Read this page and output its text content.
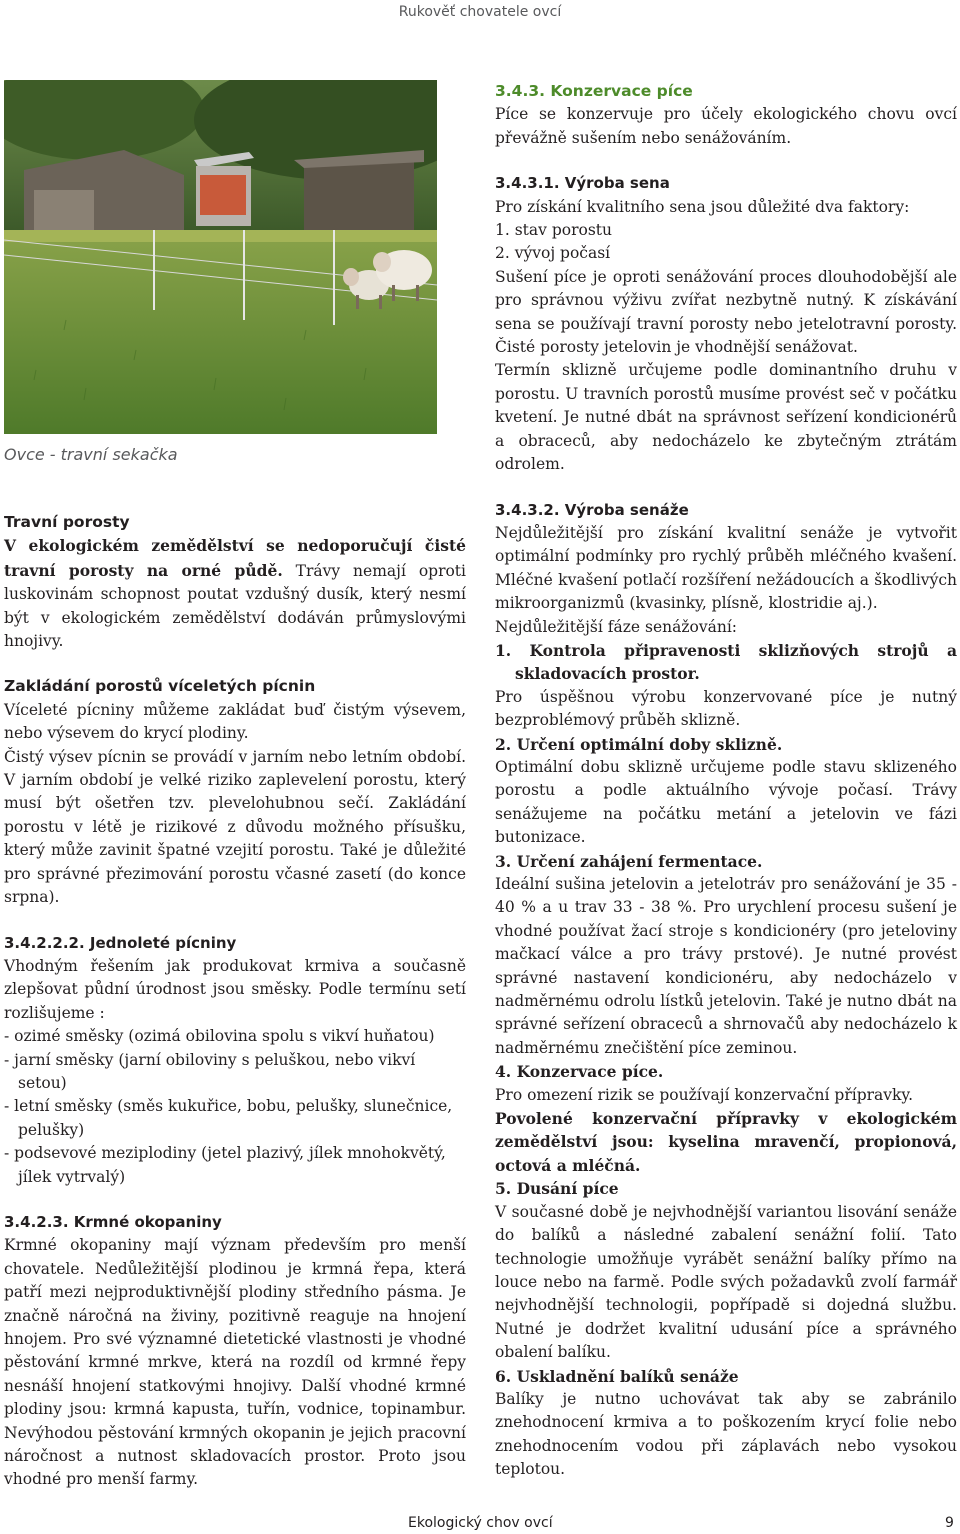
Rukověť chovatele ovcí
Ovce - travní sekačka

Travní porosty

V ekologickém zemědělství se nedoporučují čisté travní porosty na orné půdě. Trávy nemají oproti luskovinám schopnost poutat vzdušný dusík, který nesmí být v ekologickém zemědělství dodáván průmyslovými hnojivy.

Zakládání porostů víceletých pícnin

Víceleté pícniny můžeme zakládat buď čistým výsevem, nebo výsevem do krycí plodiny.

Čistý výsev pícnin se provádí v jarním nebo letním období. V jarním období je velké riziko zaplevelení porostu, který musí být ošetřen tzv. plevelohubnou sečí. Zakládání porostu v létě je rizikové z důvodu možného přísušku, který může zavinit špatné vzejití porostu. Také je důležité pro správné přezimování porostu včasné zasetí (do konce srpna).

3.4.2.2.2. Jednoleté pícniny

Vhodným řešením jak produkovat krmiva a současně zlepšovat půdní úrodnost jsou směsky. Podle termínu setí rozlišujeme :

- ozimé směsky (ozimá obilovina spolu s vikví huňatou)
- jarní směsky (jarní obiloviny s peluškou, nebo vikví setou)
- letní směsky (směs kukuřice, bobu, pelušky, slunečnice, pelušky)
- podsevové meziplodiny (jetel plazivý, jílek mnohokvětý, jílek vytrvalý)

3.4.2.3. Krmné okopaniny

Krmné okopaniny mají význam především pro menší chovatele. Nedůležitější plodinou je krmná řepa, která patří mezi nejproduktivnější plodiny středního pásma. Je značně náročná na živiny, pozitivně reaguje na hnojení hnojem. Pro své významné dietetické vlastnosti je vhodné pěstování krmné mrkve, která na rozdíl od krmné řepy nesnáší hnojení statkovými hnojivy. Další vhodné krmné plodiny jsou: krmná kapusta, tuřín, vodnice, topinambur. Nevýhodou pěstování krmných okopanin je jejich pracovní náročnost a nutnost skladovacích prostor. Proto jsou vhodné pro menší farmy.

3.4.3. Konzervace píce

Píce se konzervuje pro účely ekologického chovu ovcí převážně sušením nebo senážováním.

3.4.3.1. Výroba sena

Pro získání kvalitního sena jsou důležité dva faktory:

1. stav porostu

2. vývoj počasí

Sušení píce je oproti senážování proces dlouhodobější ale pro správnou výživu zvířat nezbytně nutný. K získávání sena se používají travní porosty nebo jetelotravní porosty. Čisté porosty jetelovin je vhodnější senážovat.

Termín sklizně určujeme podle dominantního druhu v porostu. U travních porostů musíme provést seč v počátku kvetení. Je nutné dbát na správnost seřízení kondicionérů a obraceců, aby nedocházelo ke zbytečným ztrátám odrolem.

3.4.3.2. Výroba senáže

Nejdůležitější pro získání kvalitní senáže je vytvořit optimální podmínky pro rychlý průběh mléčného kvašení. Mléčné kvašení potlačí rozšíření nežádoucích a škodlivých mikroorganizmů (kvasinky, plísně, klostridie aj.).

Nejdůležitější fáze senážování:

1. Kontrola připravenosti sklizňových strojů a skladovacích prostor.

Pro úspěšnou výrobu konzervované píce je nutný bezproblémový průběh sklizně.

2. Určení optimální doby sklizně.

Optimální dobu sklizně určujeme podle stavu sklizeného porostu a podle aktuálního vývoje počasí. Trávy senážujeme na počátku metání a jetelovin ve fázi butonizace.

3. Určení zahájení fermentace.

Ideální sušina jetelovin a jetelotráv pro senážování je 35 - 40 % a u trav 33 - 38 %. Pro urychlení procesu sušení je vhodné používat žací stroje s kondicionéry (pro jeteloviny mačkací válce a pro trávy prstové). Je nutné provést správné nastavení kondicionéru, aby nedocházelo v nadměrnému odrolu lístků jetelovin. Také je nutno dbát na správné seřízení obraceců a shrnovačů aby nedocházelo k nadměrnému znečištění píce zeminou.

4. Konzervace píce.

Pro omezení rizik se používají konzervační přípravky.

Povolené konzervační přípravky v ekologickém zemědělství jsou: kyselina mravenčí, propionová, octová a mléčná.

5. Dusání píce

V současné době je nejvhodnější variantou lisování senáže do balíků a následné zabalení senážní folií. Tato technologie umožňuje vyrábět senážní balíky přímo na louce nebo na farmě. Podle svých požadavků zvolí farmář nejvhodnější technologii, popřípadě si dojedná službu. Nutné je dodržet kvalitní udusání píce a správného obalení balíku.

6. Uskladnění balíků senáže

Balíky je nutno uchovávat tak aby se zabránilo znehodnocení krmiva a to poškozením krycí folie nebo znehodnocením vodou při záplavách nebo vysokou teplotou.

Ekologický chov ovcí	9
